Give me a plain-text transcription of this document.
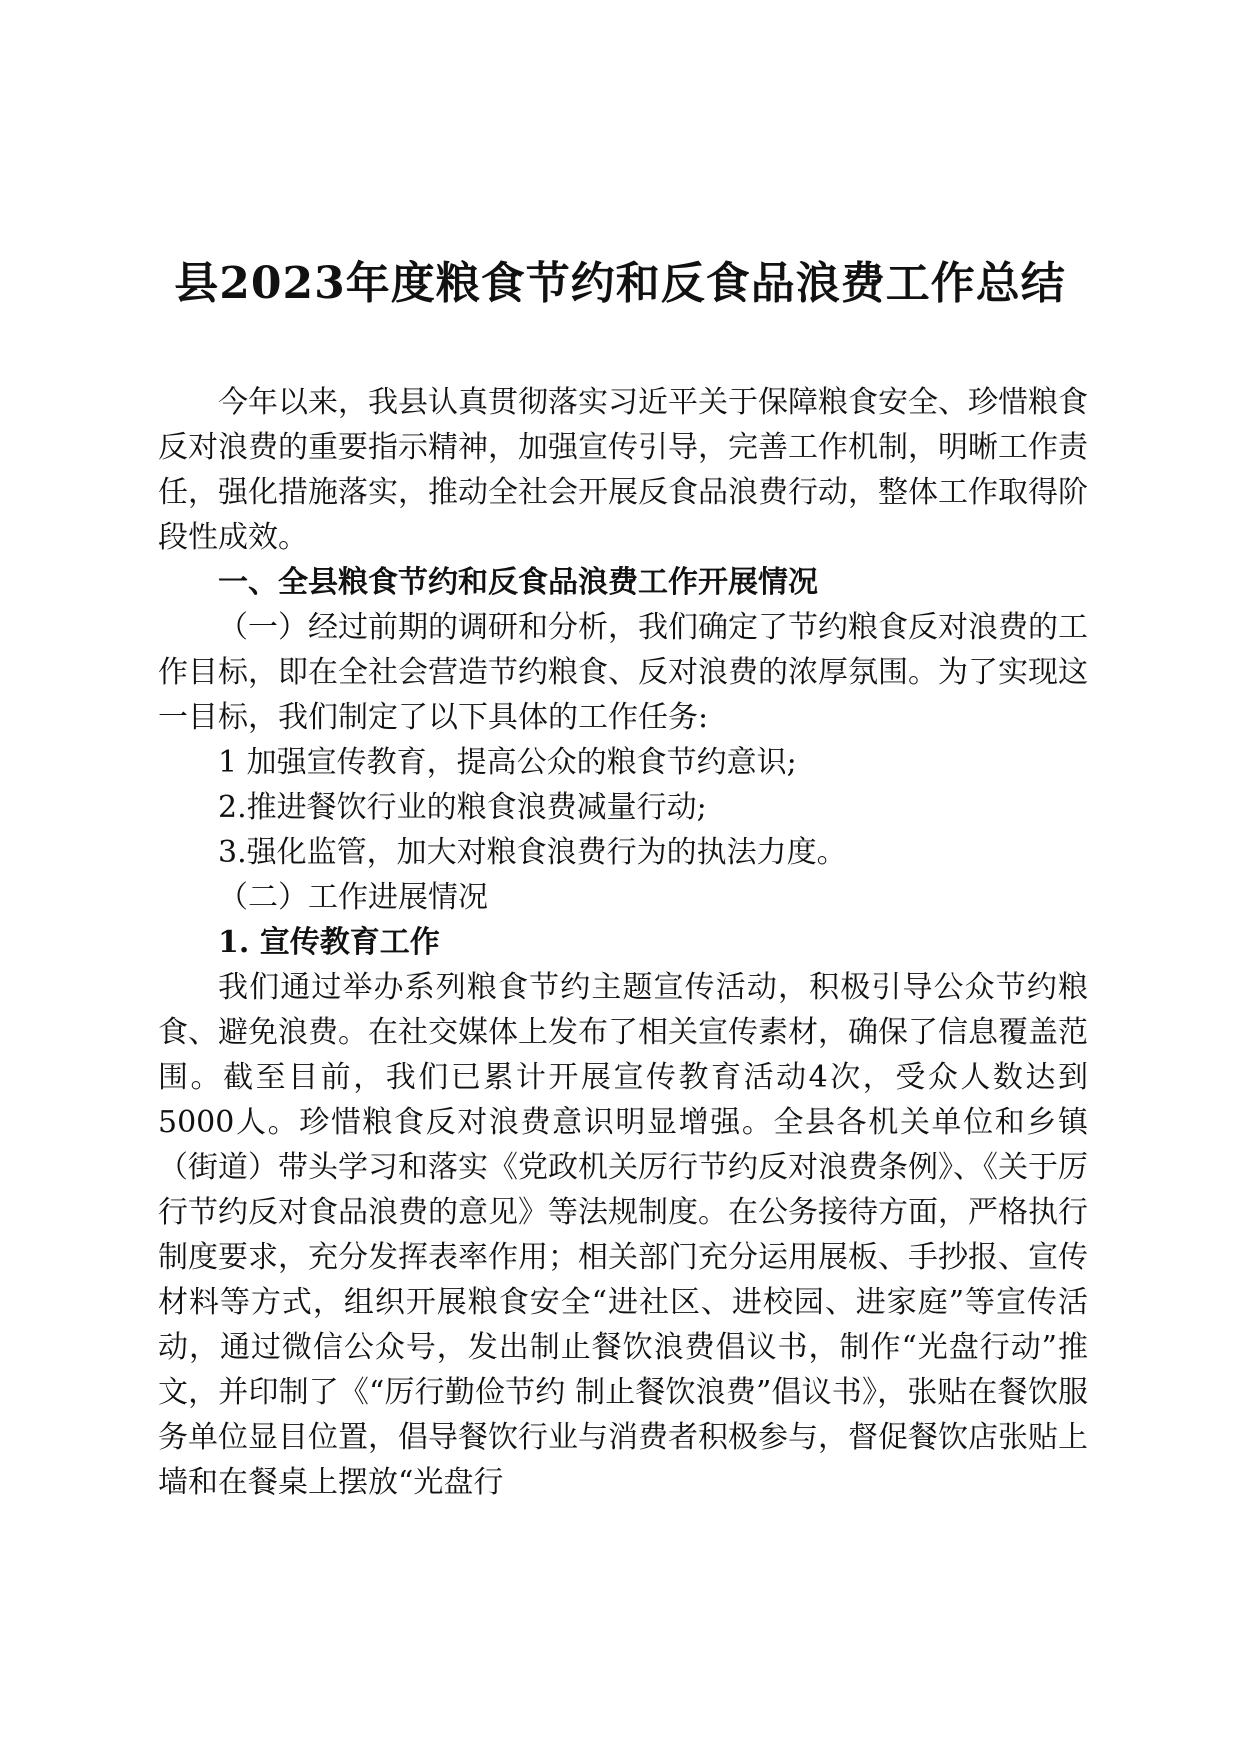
县2023年度粮食节约和反食品浪费工作总结

今年以来，我县认真贯彻落实习近平关于保障粮食安全、珍惜粮食反对浪费的重要指示精神，加强宣传引导，完善工作机制，明晰工作责任，强化措施落实，推动全社会开展反食品浪费行动，整体工作取得阶段性成效。

一、全县粮食节约和反食品浪费工作开展情况

（一）经过前期的调研和分析，我们确定了节约粮食反对浪费的工作目标，即在全社会营造节约粮食、反对浪费的浓厚氛围。为了实现这一目标，我们制定了以下具体的工作任务:

1 加强宣传教育，提高公众的粮食节约意识;

2.推进餐饮行业的粮食浪费减量行动;

3.强化监管，加大对粮食浪费行为的执法力度。

（二）工作进展情况

1. 宣传教育工作

我们通过举办系列粮食节约主题宣传活动，积极引导公众节约粮食、避免浪费。在社交媒体上发布了相关宣传素材，确保了信息覆盖范围。截至目前，我们已累计开展宣传教育活动4次，受众人数达到5000人。珍惜粮食反对浪费意识明显增强。全县各机关单位和乡镇（街道）带头学习和落实《党政机关厉行节约反对浪费条例》、《关于厉行节约反对食品浪费的意见》等法规制度。在公务接待方面，严格执行制度要求，充分发挥表率作用；相关部门充分运用展板、手抄报、宣传材料等方式，组织开展粮食安全“进社区、进校园、进家庭”等宣传活动，通过微信公众号，发出制止餐饮浪费倡议书，制作“光盘行动”推文，并印制了《“厉行勤俭节约 制止餐饮浪费”倡议书》，张贴在餐饮服务单位显目位置，倡导餐饮行业与消费者积极参与，督促餐饮店张贴上墙和在餐桌上摆放“光盘行
